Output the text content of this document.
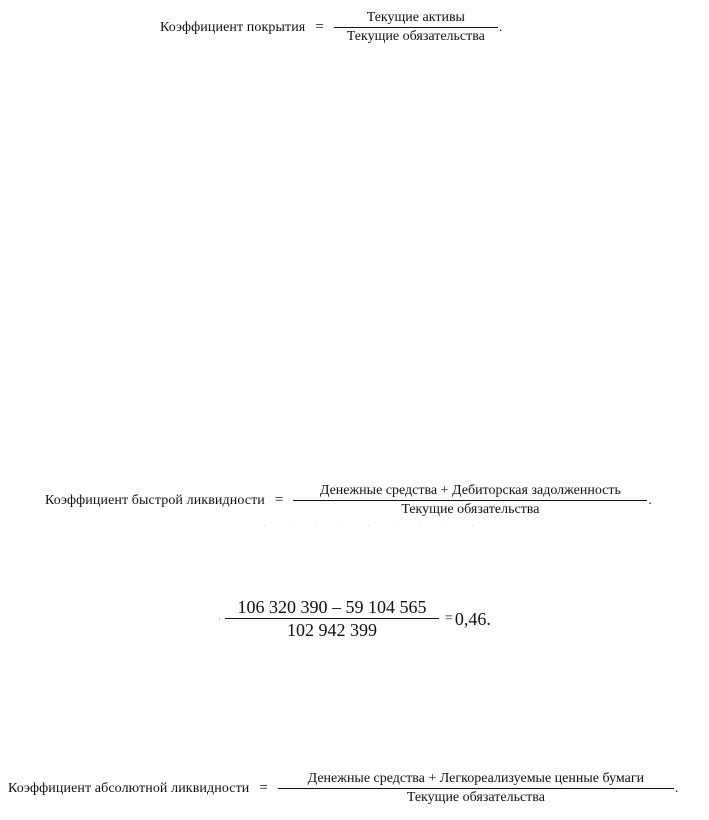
Коэффициент покрытия = $\frac{\text{Текущие активы}}{\text{Текущие обязательства}}$ .
Коэффициент быстрой ликвидности = $\frac{\text{Денежные средства + Дебиторская задолженность}}{\text{Текущие обязательства}}$ .
· $\frac{106 320 390 - 59 104 565}{102 942 399} = 0,46$.
Коэффициент абсолютной ликвидности = $\frac{\text{Денежные средства + Легкореализуемые ценные бумаги}}{\text{Текущие обязательства}}$ .
